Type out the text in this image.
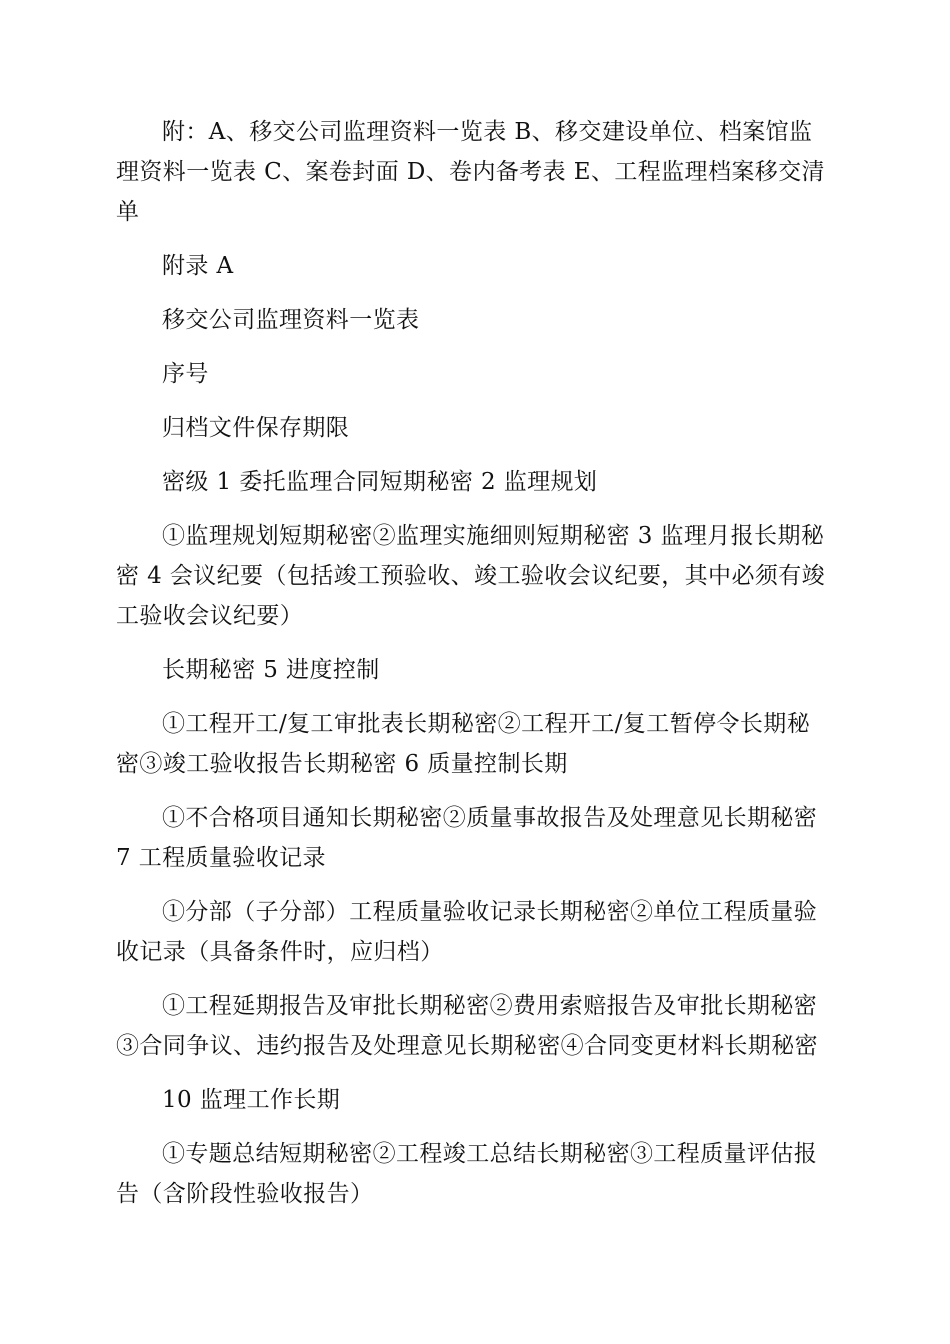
附：A、移交公司监理资料一览表 B、移交建设单位、档案馆监理资料一览表 C、案卷封面 D、卷内备考表 E、工程监理档案移交清单

附录 A

移交公司监理资料一览表

序号

归档文件保存期限

密级 1 委托监理合同短期秘密 2 监理规划

①监理规划短期秘密②监理实施细则短期秘密 3 监理月报长期秘密 4 会议纪要（包括竣工预验收、竣工验收会议纪要，其中必须有竣工验收会议纪要）

长期秘密 5 进度控制

①工程开工/复工审批表长期秘密②工程开工/复工暂停令长期秘密③竣工验收报告长期秘密 6 质量控制长期

①不合格项目通知长期秘密②质量事故报告及处理意见长期秘密 7 工程质量验收记录

①分部（子分部）工程质量验收记录长期秘密②单位工程质量验收记录（具备条件时，应归档）

①工程延期报告及审批长期秘密②费用索赔报告及审批长期秘密③合同争议、违约报告及处理意见长期秘密④合同变更材料长期秘密

10 监理工作长期

①专题总结短期秘密②工程竣工总结长期秘密③工程质量评估报告（含阶段性验收报告）
